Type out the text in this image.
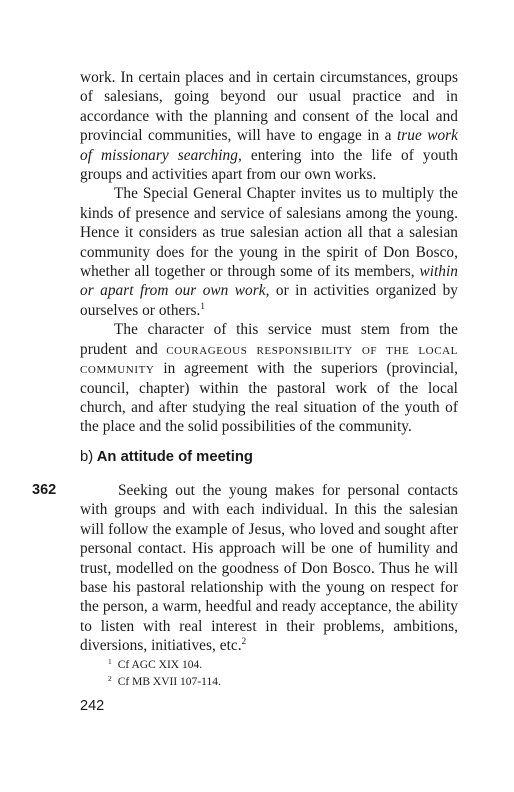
work. In certain places and in certain circumstances, groups of salesians, going beyond our usual practice and in accordance with the planning and consent of the local and provincial communities, will have to engage in a true work of missionary searching, entering into the life of youth groups and activities apart from our own works.

The Special General Chapter invites us to multiply the kinds of presence and service of salesians among the young. Hence it considers as true salesian action all that a salesian community does for the young in the spirit of Don Bosco, whether all together or through some of its members, within or apart from our own work, or in activities organized by ourselves or others.$^1$

The character of this service must stem from the prudent and courageous responsibility of the local community in agreement with the superiors (provincial, council, chapter) within the pastoral work of the local church, and after studying the real situation of the youth of the place and the solid possibilities of the community.

b) An attitude of meeting
362	Seeking out the young makes for personal contacts with groups and with each individual. In this the salesian will follow the example of Jesus, who loved and sought after personal contact. His approach will be one of humility and trust, modelled on the goodness of Don Bosco. Thus he will base his pastoral relationship with the young on respect for the person, a warm, heedful and ready acceptance, the ability to listen with real interest in their problems, ambitions, diversions, initiatives, etc.$^2$

$^1$ Cf AGC XIX 104.
$^2$ Cf MB XVII 107-114.
242
